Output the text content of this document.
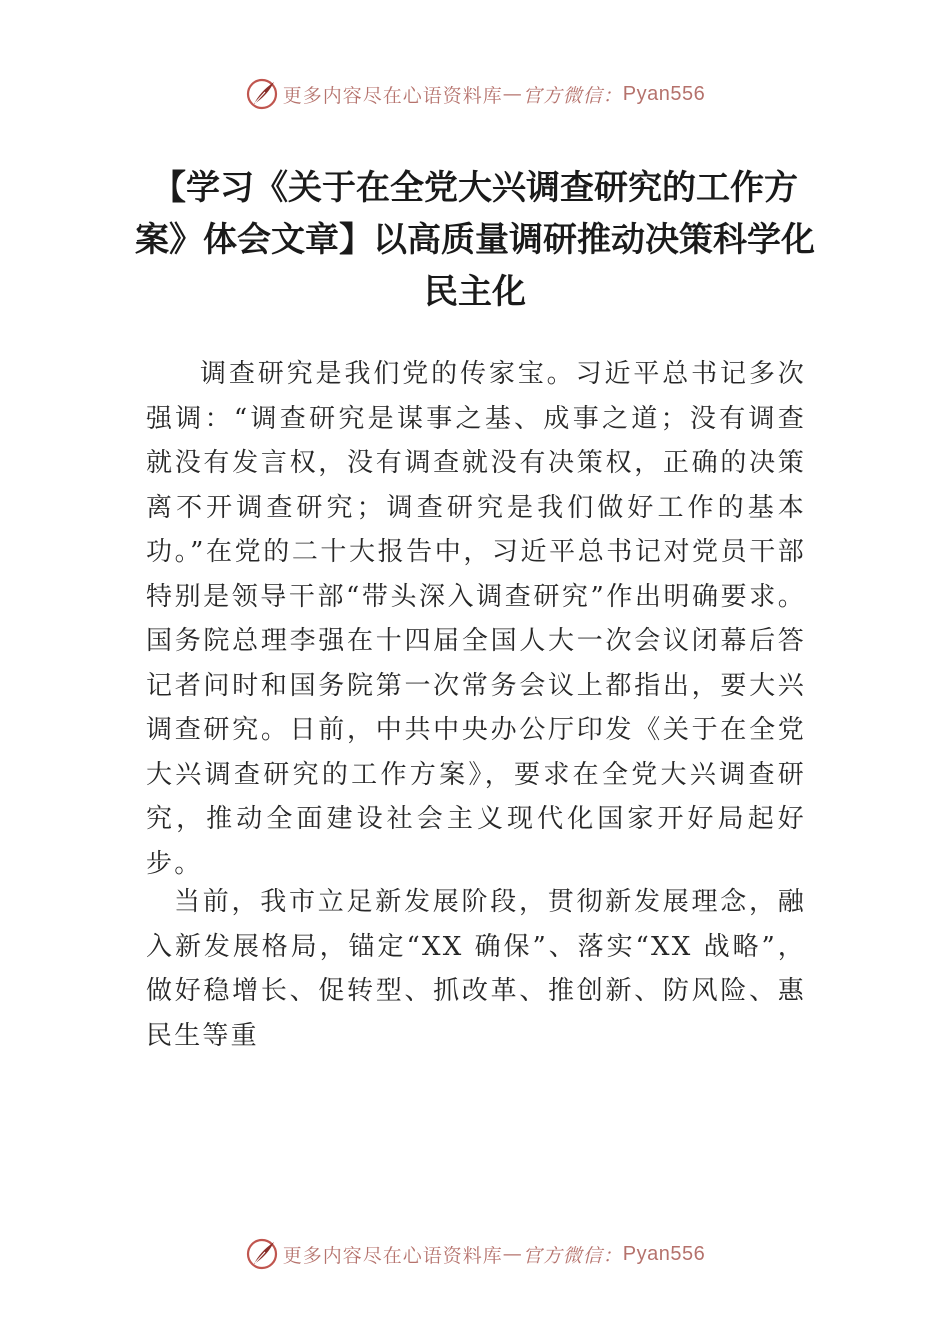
更多内容尽在心语资料库 — 官方微信： Pyan556
【学习《关于在全党大兴调查研究的工作方案》体会文章】以高质量调研推动决策科学化民主化
调查研究是我们党的传家宝。习近平总书记多次强调：“调查研究是谋事之基、成事之道；没有调查就没有发言权，没有调查就没有决策权，正确的决策离不开调查研究；调查研究是我们做好工作的基本功。”在党的二十大报告中，习近平总书记对党员干部特别是领导干部“带头深入调查研究”作出明确要求。国务院总理李强在十四届全国人大一次会议闭幕后答记者问时和国务院第一次常务会议上都指出，要大兴调查研究。日前，中共中央办公厅印发《关于在全党大兴调查研究的工作方案》，要求在全党大兴调查研究，推动全面建设社会主义现代化国家开好局起好步。
当前，我市立足新发展阶段，贯彻新发展理念，融入新发展格局，锚定“XX 确保”、落实“XX 战略”，做好稳增长、促转型、抓改革、推创新、防风险、惠民生等重
更多内容尽在心语资料库 — 官方微信： Pyan556
